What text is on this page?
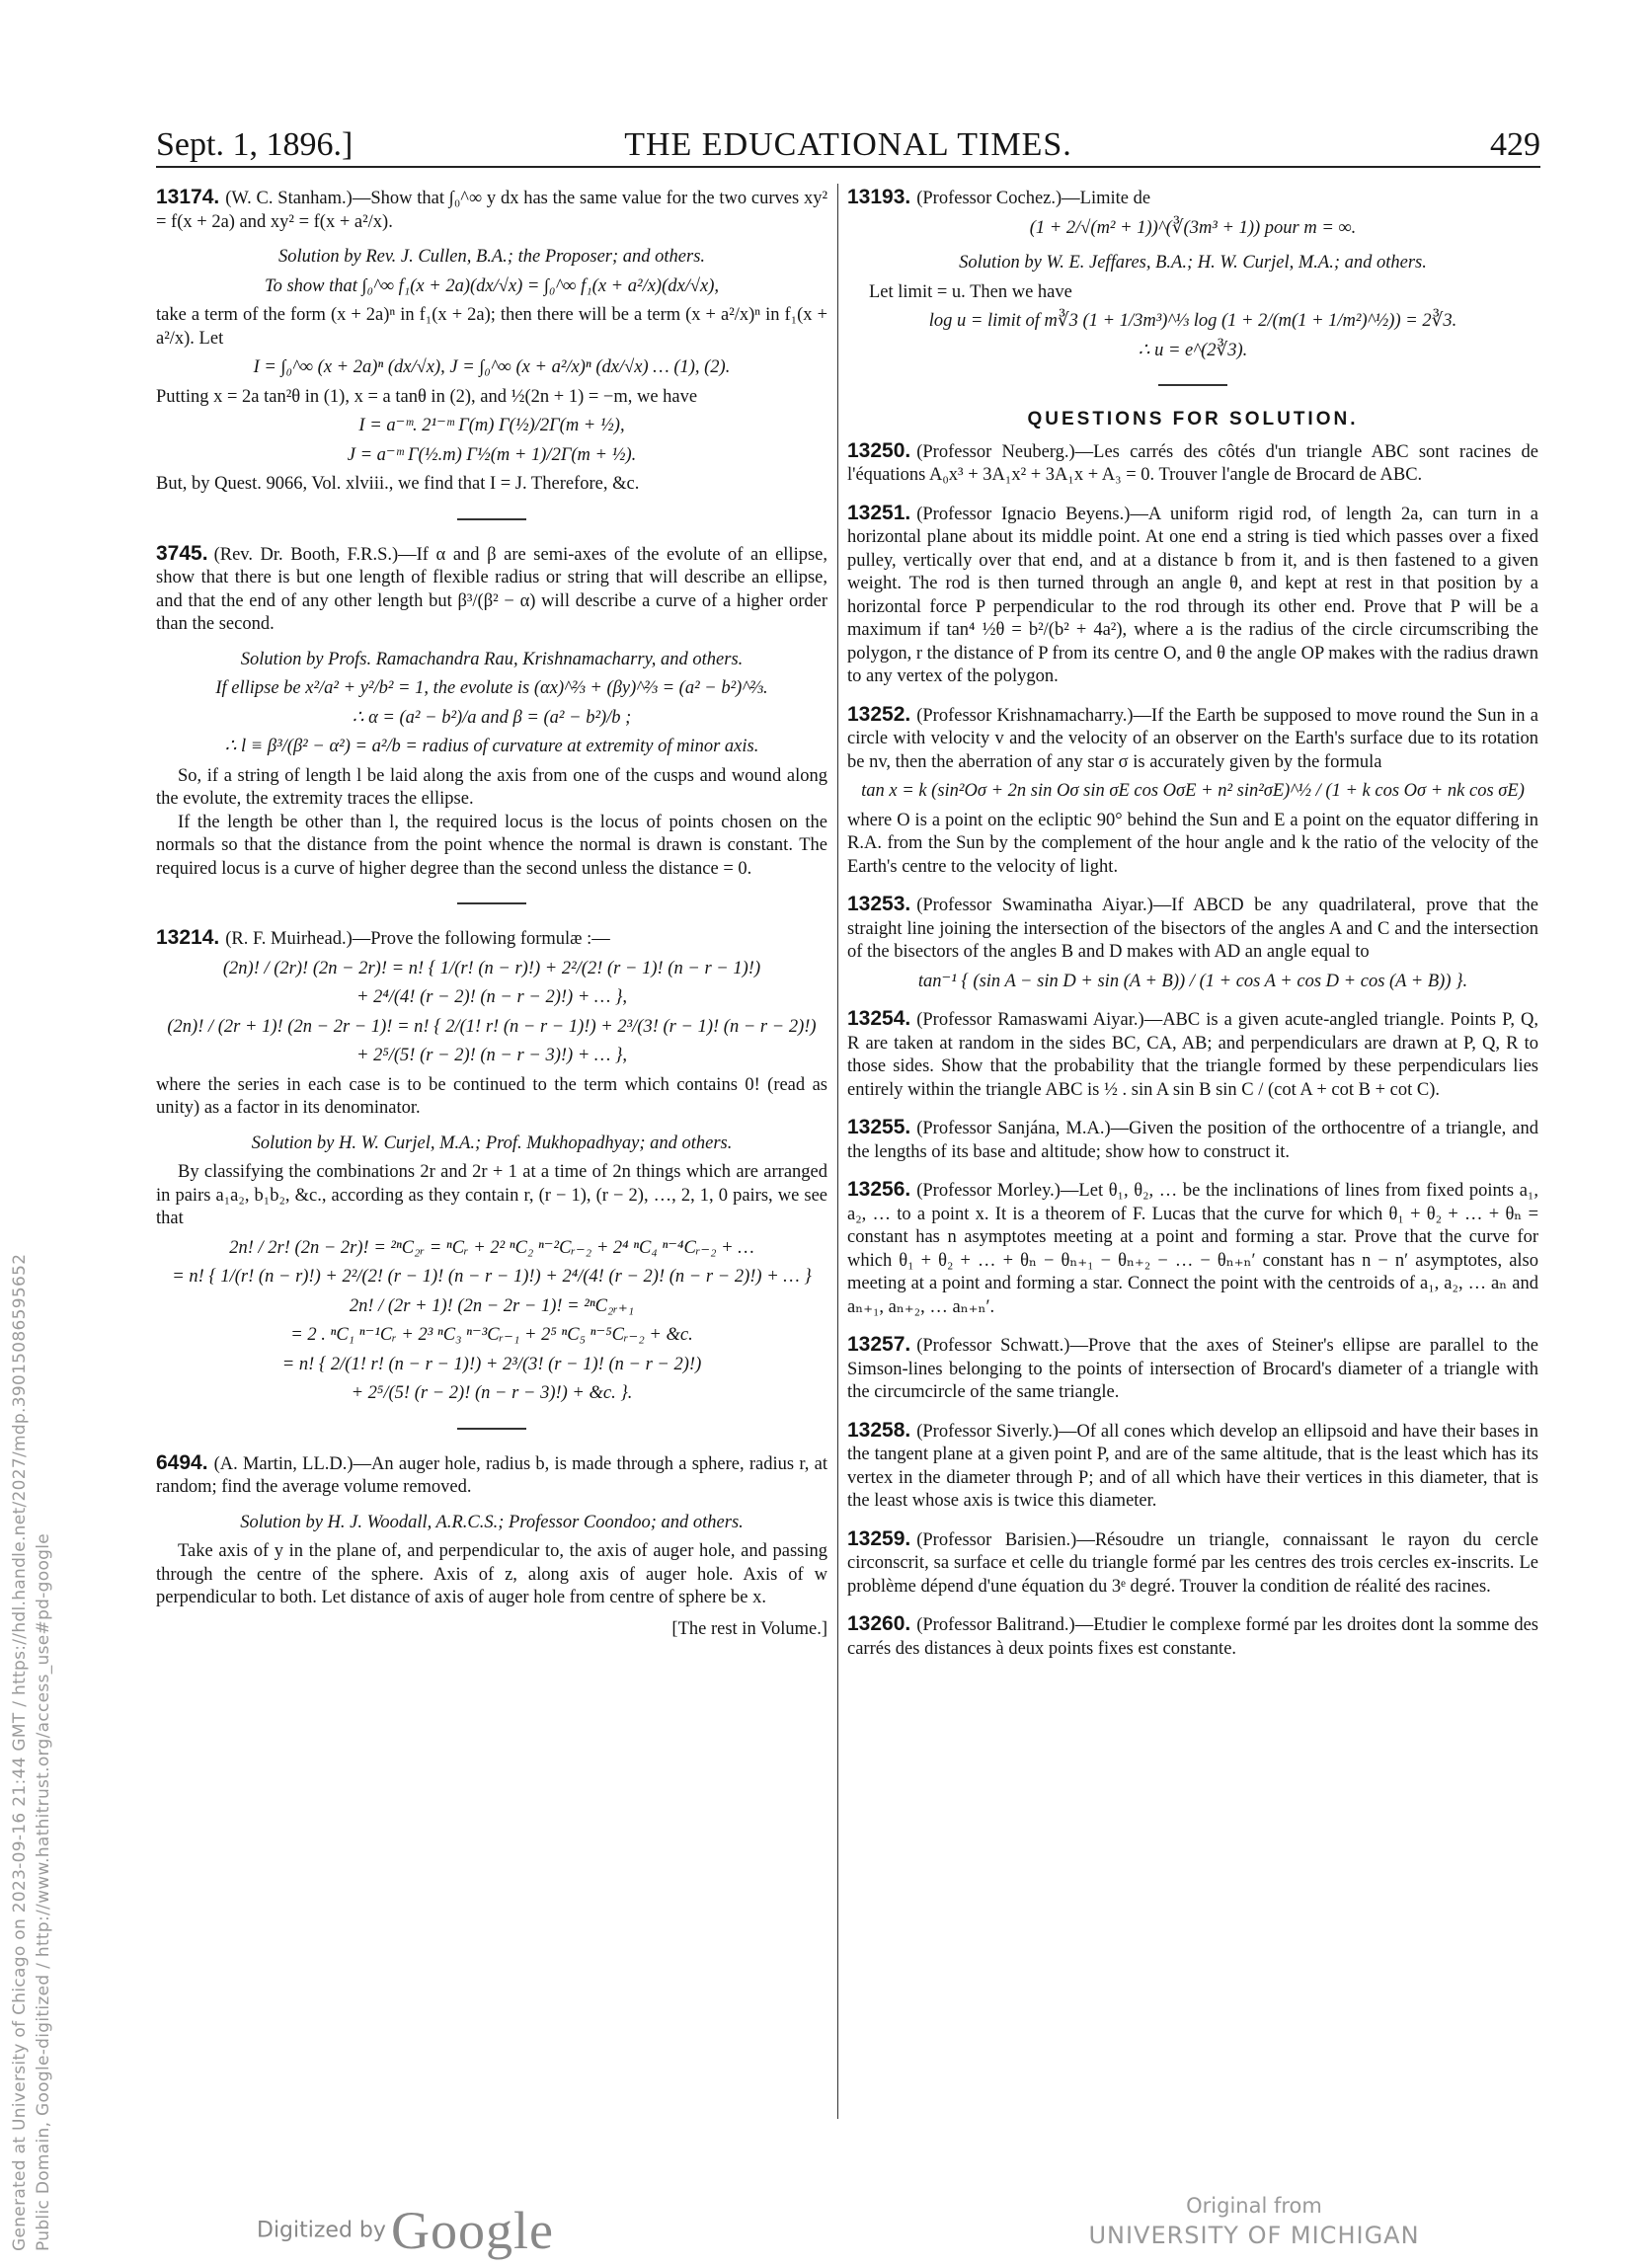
Generated at University of Chicago on 2023-09-16 21:44 GMT / https://hdl.handle.net/2027/mdp.39015086595652 Public Domain, Google-digitized / http://www.hathitrust.org/access_use#pd-google
Sept. 1, 1896.]	THE EDUCATIONAL TIMES.	429

13174. (W. C. Stanham.)—Show that ∫₀^∞ y dx has the same value for the two curves xy² = f(x + 2a) and xy² = f(x + a²/x).

Solution by Rev. J. Cullen, B.A.; the Proposer; and others.

To show that ∫₀^∞ f₁(x + 2a)(dx/√x) = ∫₀^∞ f₁(x + a²/x)(dx/√x),

take a term of the form (x + 2a)ⁿ in f₁(x + 2a); then there will be a term (x + a²/x)ⁿ in f₁(x + a²/x). Let

I = ∫₀^∞ (x + 2a)ⁿ (dx/√x), J = ∫₀^∞ (x + a²/x)ⁿ (dx/√x) … (1), (2).

Putting x = 2a tan²θ in (1), x = a tanθ in (2), and ½(2n + 1) = −m, we have

I = a⁻ᵐ. 2¹⁻ᵐ Γ(m) Γ(½)/2Γ(m + ½),

J = a⁻ᵐ Γ(½.m) Γ½(m + 1)/2Γ(m + ½).

But, by Quest. 9066, Vol. xlviii., we find that I = J. Therefore, &c.

3745. (Rev. Dr. Booth, F.R.S.)—If α and β are semi-axes of the evolute of an ellipse, show that there is but one length of flexible radius or string that will describe an ellipse, and that the end of any other length but β³/(β² − α) will describe a curve of a higher order than the second.

Solution by Profs. Ramachandra Rau, Krishnamacharry, and others.

If ellipse be x²/a² + y²/b² = 1, the evolute is (αx)^⅔ + (βy)^⅔ = (a² − b²)^⅔.

∴ α = (a² − b²)/a and β = (a² − b²)/b ;

∴ l ≡ β³/(β² − α²) = a²/b = radius of curvature at extremity of minor axis.

So, if a string of length l be laid along the axis from one of the cusps and wound along the evolute, the extremity traces the ellipse.

If the length be other than l, the required locus is the locus of points chosen on the normals so that the distance from the point whence the normal is drawn is constant. The required locus is a curve of higher degree than the second unless the distance = 0.

13214. (R. F. Muirhead.)—Prove the following formulæ :—

(2n)! / (2r)! (2n − 2r)! = n! { 1/(r! (n − r)!) + 2²/(2! (r − 1)! (n − r − 1)!)

+ 2⁴/(4! (r − 2)! (n − r − 2)!) + … },

(2n)! / (2r + 1)! (2n − 2r − 1)! = n! { 2/(1! r! (n − r − 1)!) + 2³/(3! (r − 1)! (n − r − 2)!)

+ 2⁵/(5! (r − 2)! (n − r − 3)!) + … },

where the series in each case is to be continued to the term which contains 0! (read as unity) as a factor in its denominator.

Solution by H. W. Curjel, M.A.; Prof. Mukhopadhyay; and others.

By classifying the combinations 2r and 2r + 1 at a time of 2n things which are arranged in pairs a₁a₂, b₁b₂, &c., according as they contain r, (r − 1), (r − 2), …, 2, 1, 0 pairs, we see that

2n! / 2r! (2n − 2r)! = ²ⁿC₂ᵣ = ⁿCᵣ + 2² ⁿC₂ ⁿ⁻²Cᵣ₋₂ + 2⁴ ⁿC₄ ⁿ⁻⁴Cᵣ₋₂ + …

= n! { 1/(r! (n − r)!) + 2²/(2! (r − 1)! (n − r − 1)!) + 2⁴/(4! (r − 2)! (n − r − 2)!) + … }

2n! / (2r + 1)! (2n − 2r − 1)! = ²ⁿC₂ᵣ₊₁

= 2 . ⁿC₁ ⁿ⁻¹Cᵣ + 2³ ⁿC₃ ⁿ⁻³Cᵣ₋₁ + 2⁵ ⁿC₅ ⁿ⁻⁵Cᵣ₋₂ + &c.

= n! { 2/(1! r! (n − r − 1)!) + 2³/(3! (r − 1)! (n − r − 2)!)

+ 2⁵/(5! (r − 2)! (n − r − 3)!) + &c. }.

6494. (A. Martin, LL.D.)—An auger hole, radius b, is made through a sphere, radius r, at random; find the average volume removed.

Solution by H. J. Woodall, A.R.C.S.; Professor Coondoo; and others.

Take axis of y in the plane of, and perpendicular to, the axis of auger hole, and passing through the centre of the sphere. Axis of z, along axis of auger hole. Axis of w perpendicular to both. Let distance of axis of auger hole from centre of sphere be x.

[The rest in Volume.]

13193. (Professor Cochez.)—Limite de

(1 + 2/√(m² + 1))^(∛(3m³ + 1)) pour m = ∞.

Solution by W. E. Jeffares, B.A.; H. W. Curjel, M.A.; and others.

Let limit = u. Then we have

log u = limit of m∛3 (1 + 1/3m³)^⅓ log (1 + 2/(m(1 + 1/m²)^½)) = 2∛3.

∴ u = e^(2∛3).

QUESTIONS FOR SOLUTION.

13250. (Professor Neuberg.)—Les carrés des côtés d'un triangle ABC sont racines de l'équations A₀x³ + 3A₁x² + 3A₁x + A₃ = 0. Trouver l'angle de Brocard de ABC.

13251. (Professor Ignacio Beyens.)—A uniform rigid rod, of length 2a, can turn in a horizontal plane about its middle point. At one end a string is tied which passes over a fixed pulley, vertically over that end, and at a distance b from it, and is then fastened to a given weight. The rod is then turned through an angle θ, and kept at rest in that position by a horizontal force P perpendicular to the rod through its other end. Prove that P will be a maximum if tan⁴ ½θ = b²/(b² + 4a²), where a is the radius of the circle circumscribing the polygon, r the distance of P from its centre O, and θ the angle OP makes with the radius drawn to any vertex of the polygon.

13252. (Professor Krishnamacharry.)—If the Earth be supposed to move round the Sun in a circle with velocity v and the velocity of an observer on the Earth's surface due to its rotation be nv, then the aberration of any star σ is accurately given by the formula

tan x = k (sin²Oσ + 2n sin Oσ sin σE cos OσE + n² sin²σE)^½ / (1 + k cos Oσ + nk cos σE)

where O is a point on the ecliptic 90° behind the Sun and E a point on the equator differing in R.A. from the Sun by the complement of the hour angle and k the ratio of the velocity of the Earth's centre to the velocity of light.

13253. (Professor Swaminatha Aiyar.)—If ABCD be any quadrilateral, prove that the straight line joining the intersection of the bisectors of the angles A and C and the intersection of the bisectors of the angles B and D makes with AD an angle equal to

tan⁻¹ { (sin A − sin D + sin (A + B)) / (1 + cos A + cos D + cos (A + B)) }.

13254. (Professor Ramaswami Aiyar.)—ABC is a given acute-angled triangle. Points P, Q, R are taken at random in the sides BC, CA, AB; and perpendiculars are drawn at P, Q, R to those sides. Show that the probability that the triangle formed by these perpendiculars lies entirely within the triangle ABC is ½ . sin A sin B sin C / (cot A + cot B + cot C).

13255. (Professor Sanjána, M.A.)—Given the position of the orthocentre of a triangle, and the lengths of its base and altitude; show how to construct it.

13256. (Professor Morley.)—Let θ₁, θ₂, … be the inclinations of lines from fixed points a₁, a₂, … to a point x. It is a theorem of F. Lucas that the curve for which θ₁ + θ₂ + … + θₙ = constant has n asymptotes meeting at a point and forming a star. Prove that the curve for which θ₁ + θ₂ + … + θₙ − θₙ₊₁ − θₙ₊₂ − … − θₙ₊ₙ′ constant has n − n′ asymptotes, also meeting at a point and forming a star. Connect the point with the centroids of a₁, a₂, … aₙ and aₙ₊₁, aₙ₊₂, … aₙ₊ₙ′.

13257. (Professor Schwatt.)—Prove that the axes of Steiner's ellipse are parallel to the Simson-lines belonging to the points of intersection of Brocard's diameter of a triangle with the circumcircle of the same triangle.

13258. (Professor Siverly.)—Of all cones which develop an ellipsoid and have their bases in the tangent plane at a given point P, and are of the same altitude, that is the least which has its vertex in the diameter through P; and of all which have their vertices in this diameter, that is the least whose axis is twice this diameter.

13259. (Professor Barisien.)—Résoudre un triangle, connaissant le rayon du cercle circonscrit, sa surface et celle du triangle formé par les centres des trois cercles ex-inscrits. Le problème dépend d'une équation du 3ᵉ degré. Trouver la condition de réalité des racines.

13260. (Professor Balitrand.)—Etudier le complexe formé par les droites dont la somme des carrés des distances à deux points fixes est constante.

Digitized by Google	Original from
UNIVERSITY OF MICHIGAN
